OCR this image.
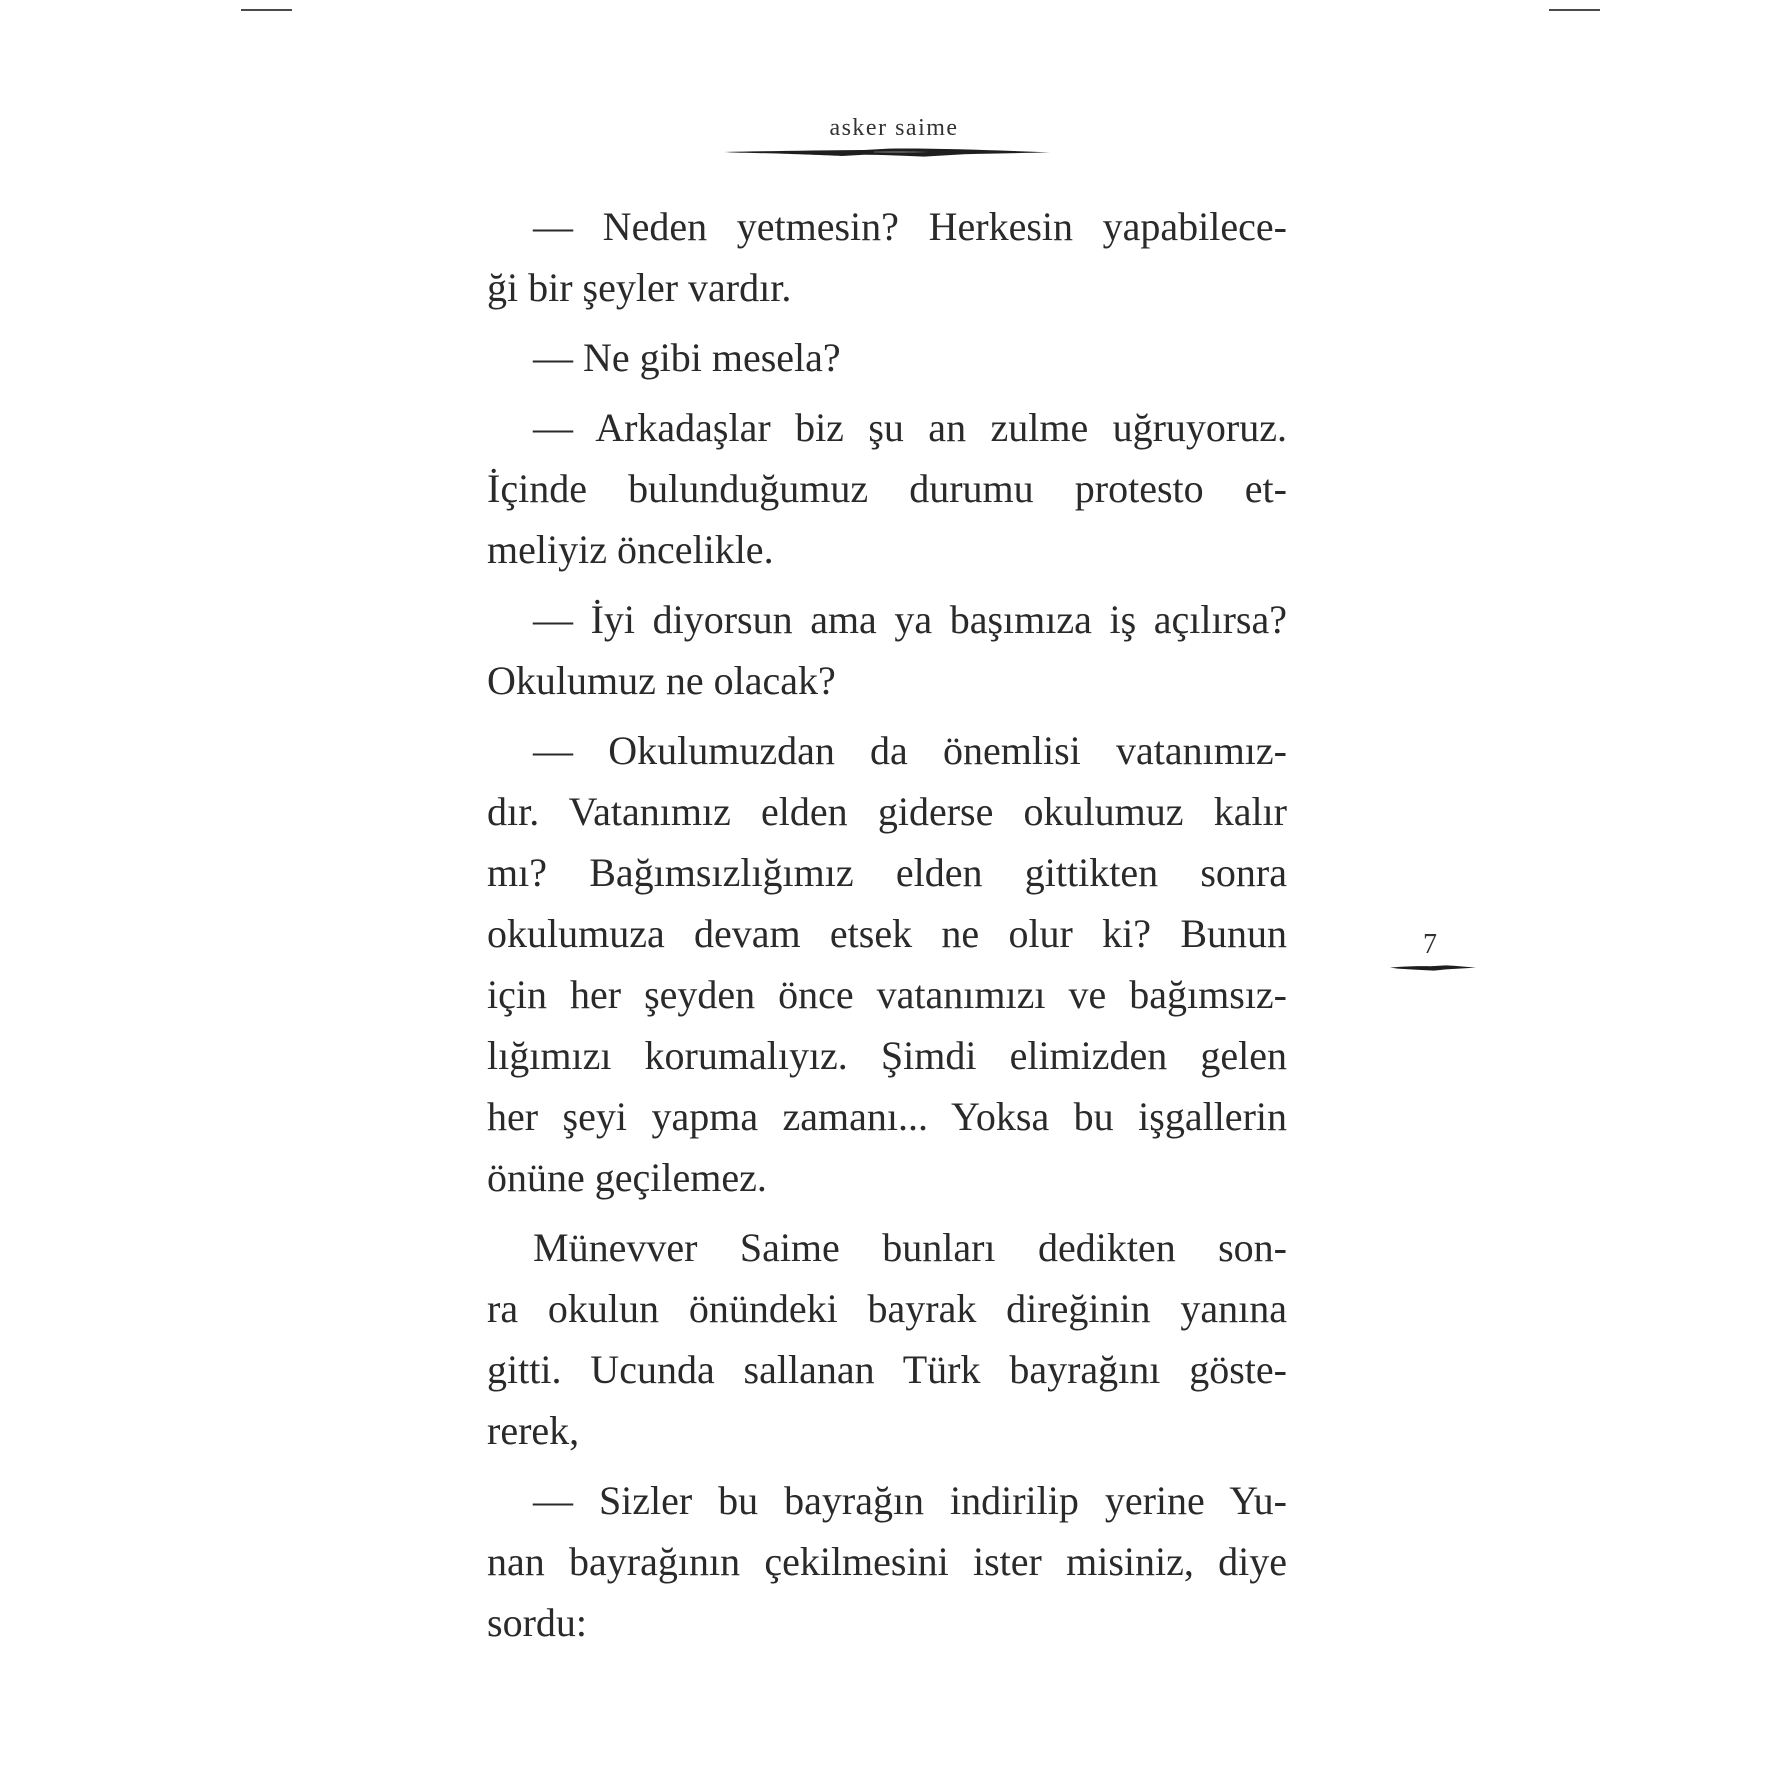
asker saime
— Neden yetmesin? Herkesin yapabilece-
ği bir şeyler vardır.
— Ne gibi mesela?
— Arkadaşlar biz şu an zulme uğruyoruz.
İçinde bulunduğumuz durumu protesto et-
meliyiz öncelikle.
— İyi diyorsun ama ya başımıza iş açılırsa?
Okulumuz ne olacak?
— Okulumuzdan da önemlisi vatanımız-
dır. Vatanımız elden giderse okulumuz kalır
mı? Bağımsızlığımız elden gittikten sonra
okulumuza devam etsek ne olur ki? Bunun
için her şeyden önce vatanımızı ve bağımsız-
lığımızı korumalıyız. Şimdi elimizden gelen
her şeyi yapma zamanı... Yoksa bu işgallerin
önüne geçilemez.
Münevver Saime bunları dedikten son-
ra okulun önündeki bayrak direğinin yanına
gitti. Ucunda sallanan Türk bayrağını göste-
rerek,
— Sizler bu bayrağın indirilip yerine Yu-
nan bayrağının çekilmesini ister misiniz, diye
sordu:
7
